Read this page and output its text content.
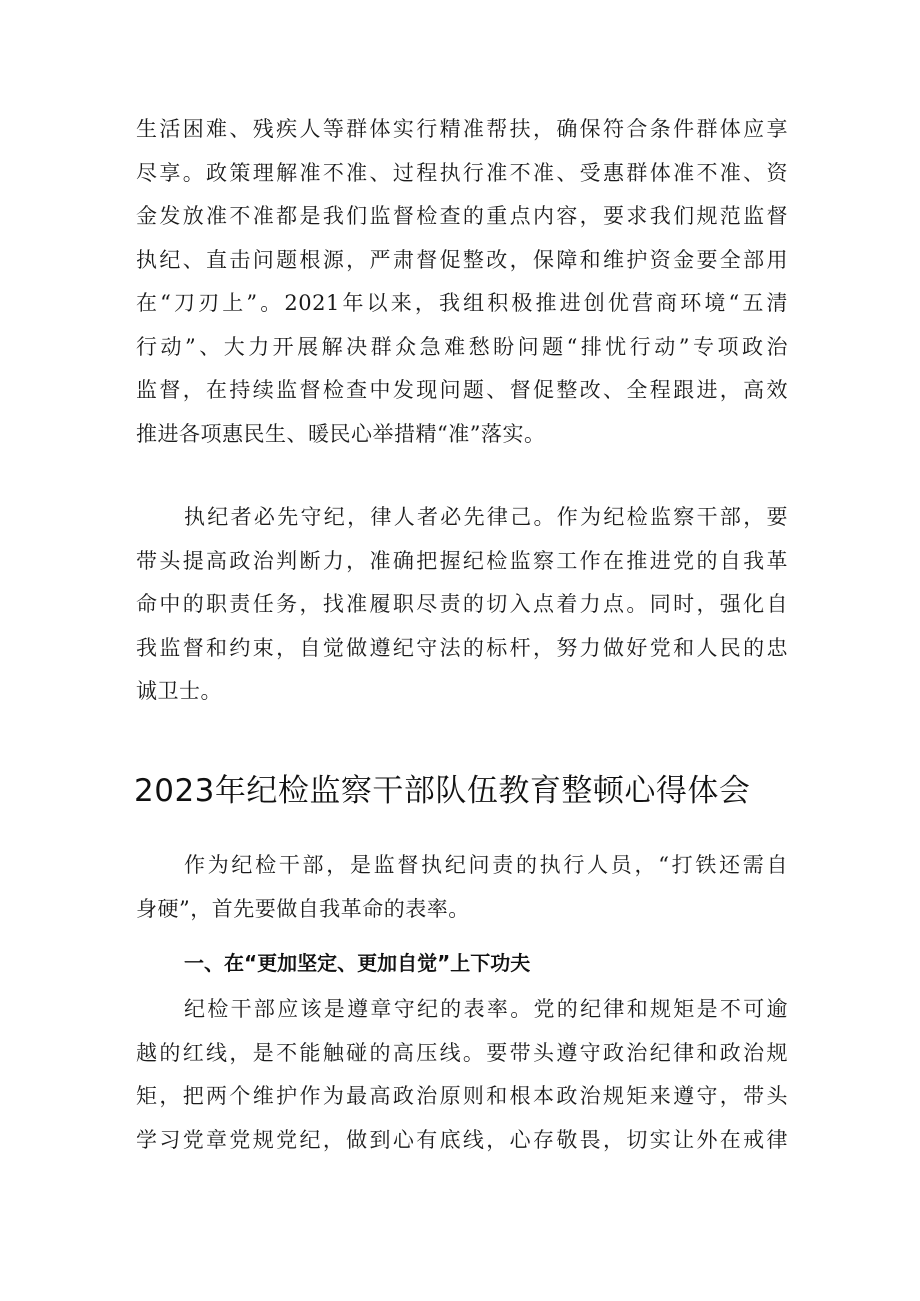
生活困难、残疾人等群体实行精准帮扶，确保符合条件群体应享
尽享。政策理解准不准、过程执行准不准、受惠群体准不准、资
金发放准不准都是我们监督检查的重点内容，要求我们规范监督
执纪、直击问题根源，严肃督促整改，保障和维护资金要全部用
在“刀刃上”。2021年以来，我组积极推进创优营商环境“五清
行动”、大力开展解决群众急难愁盼问题“排忧行动”专项政治
监督，在持续监督检查中发现问题、督促整改、全程跟进，高效
推进各项惠民生、暖民心举措精“准”落实。
执纪者必先守纪，律人者必先律己。作为纪检监察干部，要
带头提高政治判断力，准确把握纪检监察工作在推进党的自我革
命中的职责任务，找准履职尽责的切入点着力点。同时，强化自
我监督和约束，自觉做遵纪守法的标杆，努力做好党和人民的忠
诚卫士。
2023年纪检监察干部队伍教育整顿心得体会
作为纪检干部，是监督执纪问责的执行人员，“打铁还需自
身硬”，首先要做自我革命的表率。
一、在“更加坚定、更加自觉”上下功夫
纪检干部应该是遵章守纪的表率。党的纪律和规矩是不可逾
越的红线，是不能触碰的高压线。要带头遵守政治纪律和政治规
矩，把两个维护作为最高政治原则和根本政治规矩来遵守，带头
学习党章党规党纪，做到心有底线，心存敬畏，切实让外在戒律
